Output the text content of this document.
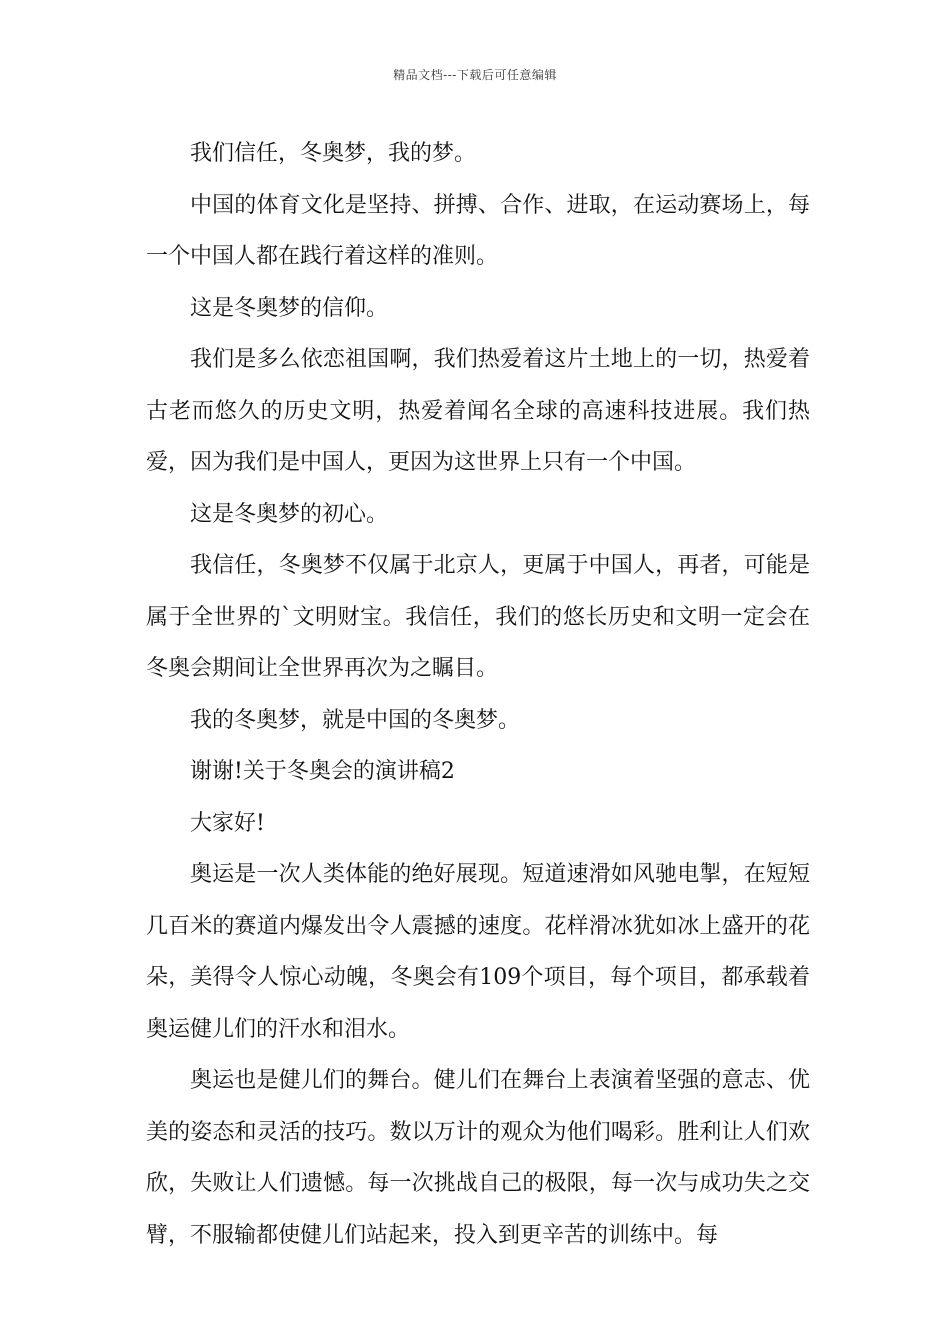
精品文档---下载后可任意编辑

我们信任，冬奥梦，我的梦。

中国的体育文化是坚持、拼搏、合作、进取，在运动赛场上，每一个中国人都在践行着这样的准则。

这是冬奥梦的信仰。

我们是多么依恋祖国啊，我们热爱着这片土地上的一切，热爱着古老而悠久的历史文明，热爱着闻名全球的高速科技进展。我们热爱，因为我们是中国人，更因为这世界上只有一个中国。

这是冬奥梦的初心。

我信任，冬奥梦不仅属于北京人，更属于中国人，再者，可能是属于全世界的`文明财宝。我信任，我们的悠长历史和文明一定会在冬奥会期间让全世界再次为之瞩目。

我的冬奥梦，就是中国的冬奥梦。

谢谢!关于冬奥会的演讲稿2

大家好!

奥运是一次人类体能的绝好展现。短道速滑如风驰电掣，在短短几百米的赛道内爆发出令人震撼的速度。花样滑冰犹如冰上盛开的花朵，美得令人惊心动魄，冬奥会有109个项目，每个项目，都承载着奥运健儿们的汗水和泪水。

奥运也是健儿们的舞台。健儿们在舞台上表演着坚强的意志、优美的姿态和灵活的技巧。数以万计的观众为他们喝彩。胜利让人们欢欣，失败让人们遗憾。每一次挑战自己的极限，每一次与成功失之交臂，不服输都使健儿们站起来，投入到更辛苦的训练中。每
